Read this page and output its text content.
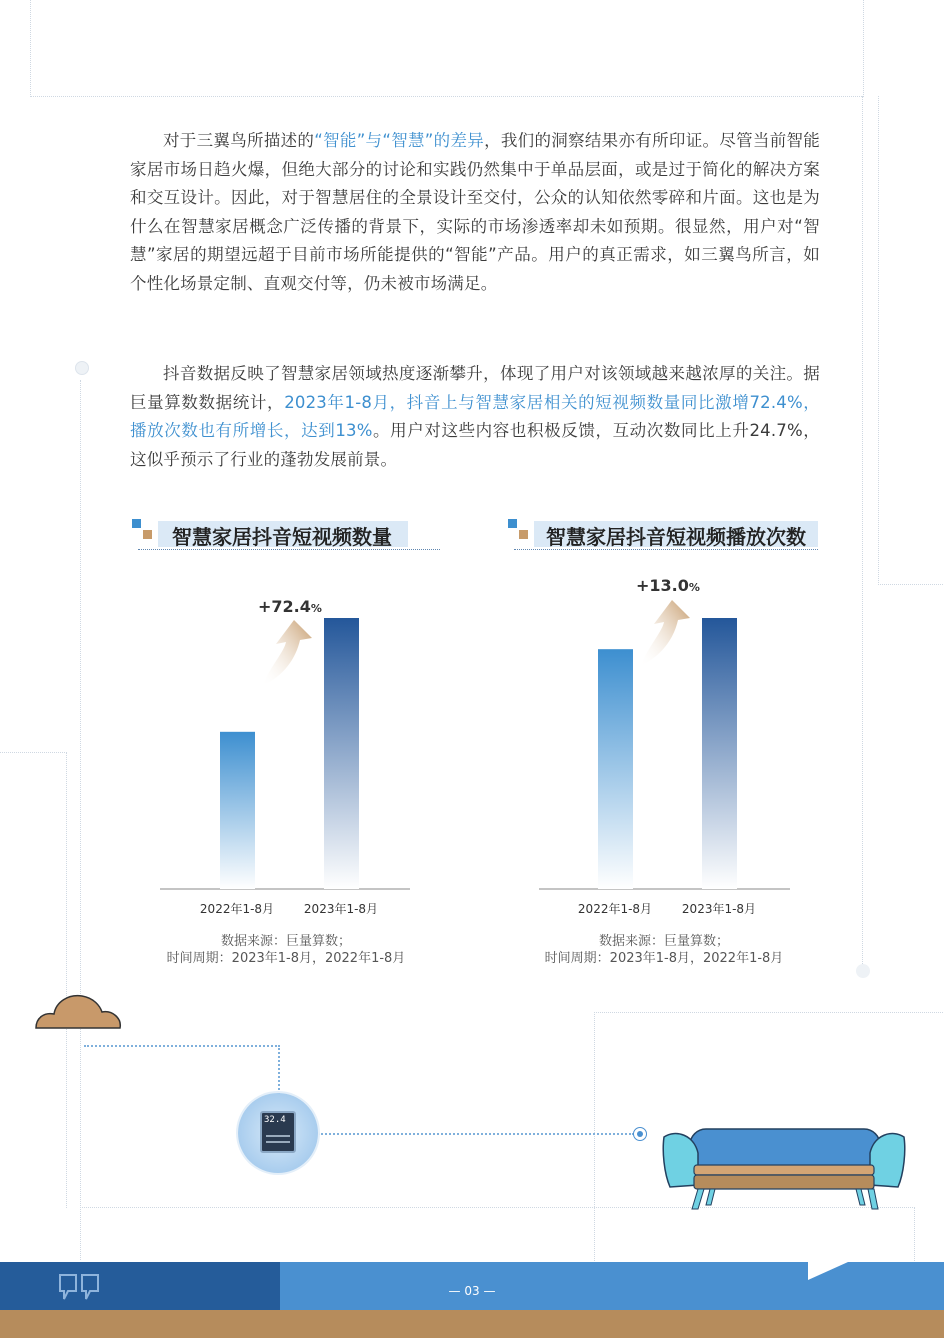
对于三翼鸟所描述的“智能”与“智慧”的差异，我们的洞察结果亦有所印证。尽管当前智能家居市场日趋火爆，但绝大部分的讨论和实践仍然集中于单品层面，或是过于简化的解决方案和交互设计。因此，对于智慧居住的全景设计至交付，公众的认知依然零碎和片面。这也是为什么在智慧家居概念广泛传播的背景下，实际的市场渗透率却未如预期。很显然，用户对“智慧”家居的期望远超于目前市场所能提供的“智能”产品。用户的真正需求，如三翼鸟所言，如个性化场景定制、直观交付等，仍未被市场满足。

抖音数据反映了智慧家居领域热度逐渐攀升，体现了用户对该领域越来越浓厚的关注。据巨量算数数据统计，2023年1-8月，抖音上与智慧家居相关的短视频数量同比激增72.4%，播放次数也有所增长，达到13%。用户对这些内容也积极反馈，互动次数同比上升24.7%，这似乎预示了行业的蓬勃发展前景。

智慧家居抖音短视频数量	智慧家居抖音短视频播放次数
+72.4%
+13.0%
2022年1-8月	2023年1-8月	2022年1-8月	2023年1-8月
数据来源：巨量算数；
时间周期：2023年1-8月，2022年1-8月
数据来源：巨量算数；
时间周期：2023年1-8月，2022年1-8月
32.4
— 03 —
